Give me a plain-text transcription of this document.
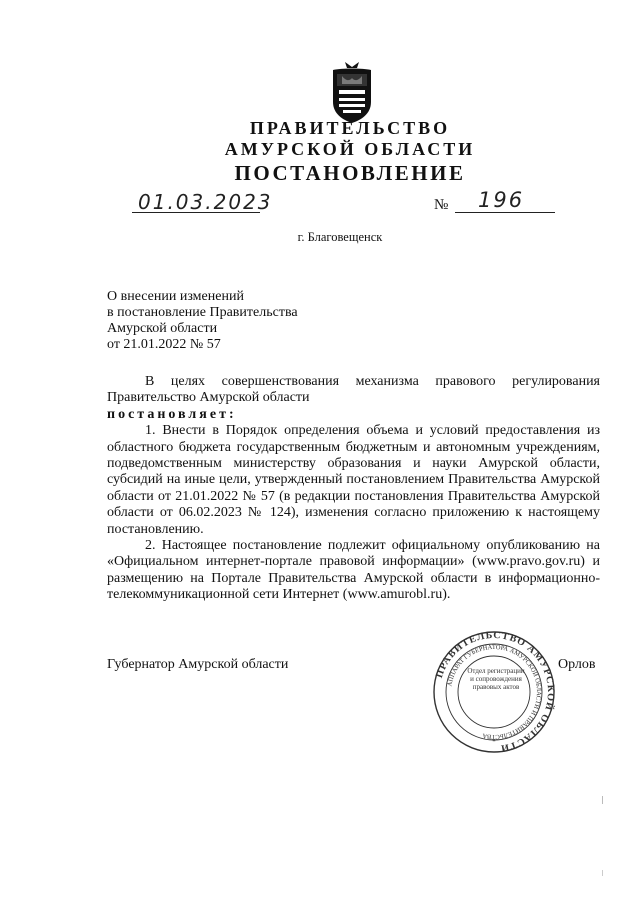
ПРАВИТЕЛЬСТВО
АМУРСКОЙ ОБЛАСТИ
ПОСТАНОВЛЕНИЕ
01.03.2023	№ 196
г. Благовещенск
О внесении изменений
в постановление Правительства
Амурской области
от 21.01.2022 № 57

В целях совершенствования механизма правового регулирования Правительство Амурской области

постановляет:

1. Внести в Порядок определения объема и условий предоставления из областного бюджета государственным бюджетным и автономным учреждениям, подведомственным министерству образования и науки Амурской области, субсидий на иные цели, утвержденный постановлением Правительства Амурской области от 21.01.2022 № 57 (в редакции постановления Правительства Амурской области от 06.02.2023 № 124), изменения согласно приложению к настоящему постановлению.

2. Настоящее постановление подлежит официальному опубликованию на «Официальном интернет-портале правовой информации» (www.pravo.gov.ru) и размещению на Портале Правительства Амурской области в информационно-телекоммуникационной сети Интернет (www.amurobl.ru).

Губернатор Амурской области	Орлов
ПРАВИТЕЛЬСТВО АМУРСКОЙ ОБЛАСТИ
АППАРАТ ГУБЕРНАТОРА АМУРСКОЙ ОБЛАСТИ И ПРАВИТЕЛЬСТВА
*
Отдел регистрации и сопровождения правовых актов
